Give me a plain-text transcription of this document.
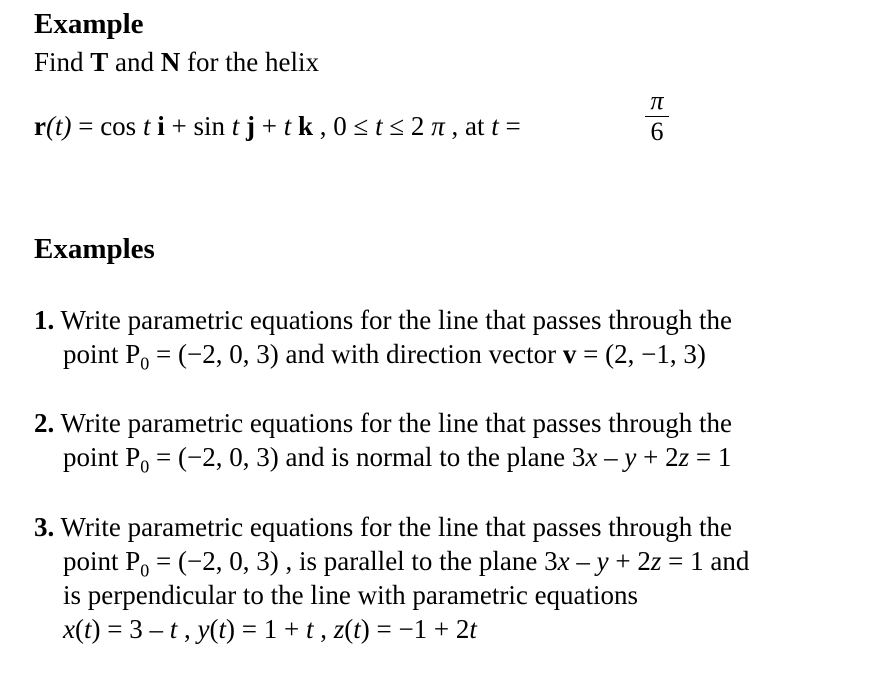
Example
Find T and N for the helix
r(t) = cos t i + sin t j + t k , 0 ≤ t ≤ 2 π , at t =
π
6
Examples
1. Write parametric equations for the line that passes through the
point $P_0 = (-2$, 0, 3) and with direction vector v = (2, −1, 3)
2. Write parametric equations for the line that passes through the
point $P_0 = (-2$, 0, 3) and is normal to the plane 3x – y + 2z = 1
3. Write parametric equations for the line that passes through the
point $P_0 = (-2$, 0, 3) , is parallel to the plane 3x – y + 2z = 1 and
is perpendicular to the line with parametric equations
x(t) = 3 – t , y(t) = 1 + t , z(t) = −1 + 2t
